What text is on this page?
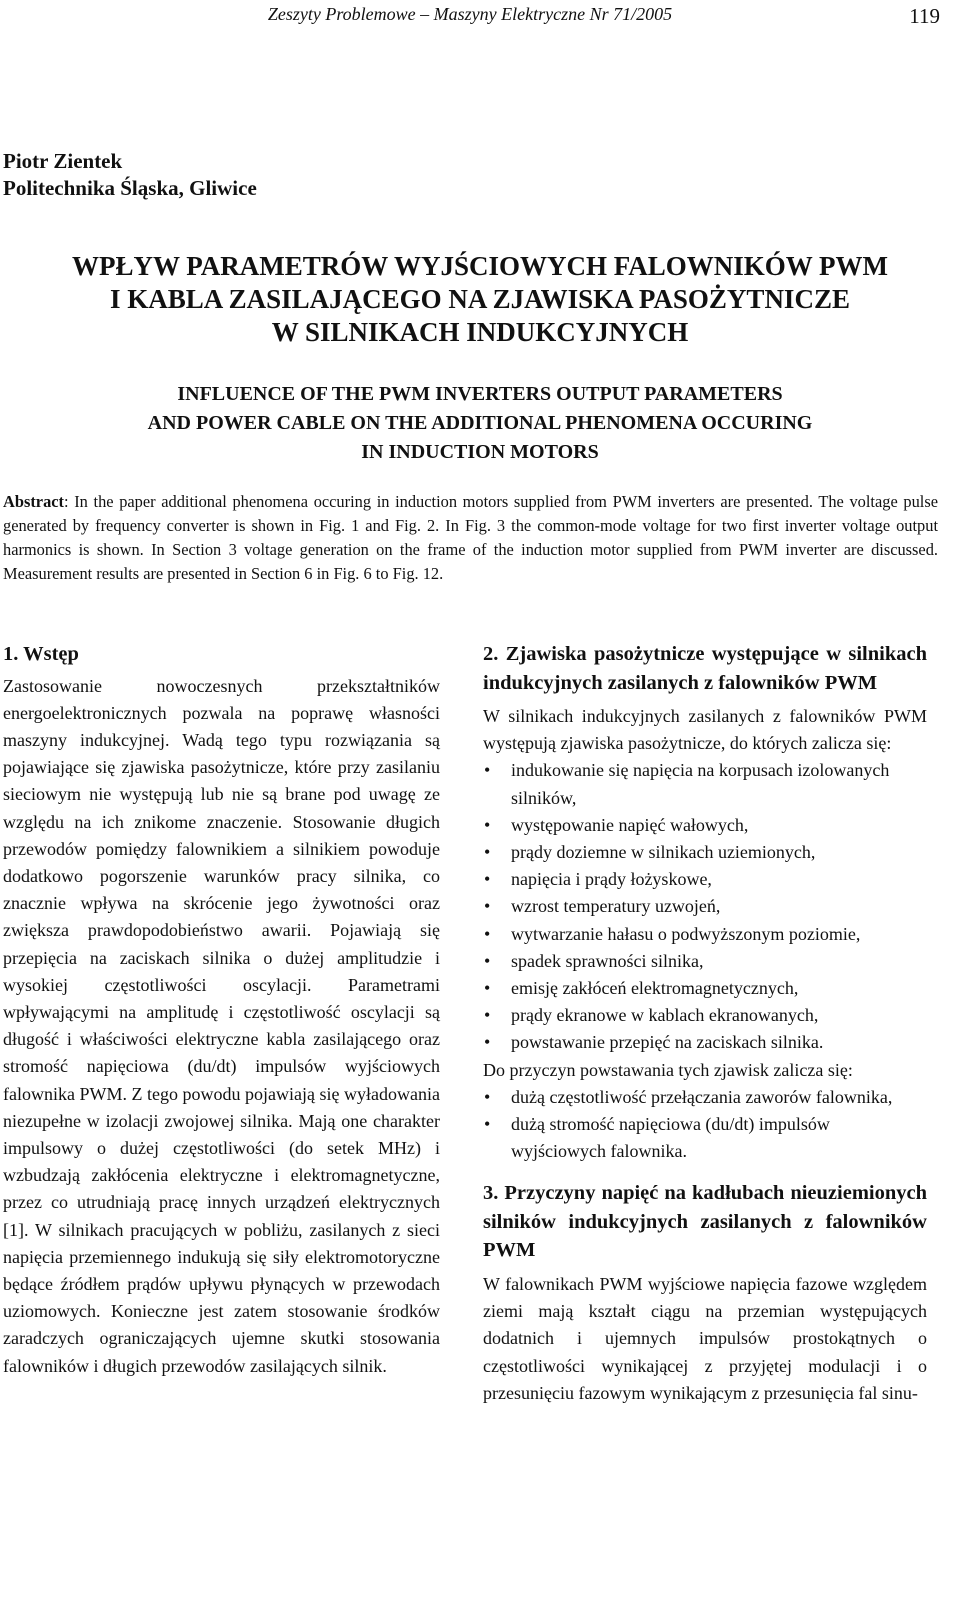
Zeszyty Problemowe – Maszyny Elektryczne Nr 71/2005	119
Piotr Zientek
Politechnika Śląska, Gliwice
WPŁYW PARAMETRÓW WYJŚCIOWYCH FALOWNIKÓW PWM
I KABLA ZASILAJĄCEGO NA ZJAWISKA PASOŻYTNICZE
W SILNIKACH INDUKCYJNYCH
INFLUENCE OF THE PWM INVERTERS OUTPUT PARAMETERS
AND POWER CABLE ON THE ADDITIONAL PHENOMENA OCCURING
IN INDUCTION MOTORS

Abstract: In the paper additional phenomena occuring in induction motors supplied from PWM inverters are presented. The voltage pulse generated by frequency converter is shown in Fig. 1 and Fig. 2. In Fig. 3 the common-mode voltage for two first inverter voltage output harmonics is shown. In Section 3 voltage generation on the frame of the induction motor supplied from PWM inverter are discussed. Measurement results are presented in Section 6 in Fig. 6 to Fig. 12.

1. Wstęp

Zastosowanie nowoczesnych przekształtników energoelektronicznych pozwala na poprawę własności maszyny indukcyjnej. Wadą tego typu rozwiązania są pojawiające się zjawiska pasożytnicze, które przy zasilaniu sieciowym nie występują lub nie są brane pod uwagę ze względu na ich znikome znaczenie. Stosowanie długich przewodów pomiędzy falownikiem a silnikiem powoduje dodatkowo pogorszenie warunków pracy silnika, co znacznie wpływa na skrócenie jego żywotności oraz zwiększa prawdopodobieństwo awarii. Pojawiają się przepięcia na zaciskach silnika o dużej amplitudzie i wysokiej częstotliwości oscylacji. Parametrami wpływającymi na amplitudę i częstotliwość oscylacji są długość i właściwości elektryczne kabla zasilającego oraz stromość napięciowa (du/dt) impulsów wyjściowych falownika PWM. Z tego powodu pojawiają się wyładowania niezupełne w izolacji zwojowej silnika. Mają one charakter impulsowy o dużej częstotliwości (do setek MHz) i wzbudzają zakłócenia elektryczne i elektromagnetyczne, przez co utrudniają pracę innych urządzeń elektrycznych [1]. W silnikach pracujących w pobliżu, zasilanych z sieci napięcia przemiennego indukują się siły elektromotoryczne będące źródłem prądów upływu płynących w przewodach uziomowych. Konieczne jest zatem stosowanie środków zaradczych ograniczających ujemne skutki stosowania falowników i długich przewodów zasilających silnik.

2. Zjawiska pasożytnicze występujące w silnikach indukcyjnych zasilanych z falowników PWM

W silnikach indukcyjnych zasilanych z falowników PWM występują zjawiska pasożytnicze, do których zalicza się:

• indukowanie się napięcia na korpusach izolowanych silników,
• występowanie napięć wałowych,
• prądy doziemne w silnikach uziemionych,
• napięcia i prądy łożyskowe,
• wzrost temperatury uzwojeń,
• wytwarzanie hałasu o podwyższonym poziomie,
• spadek sprawności silnika,
• emisję zakłóceń elektromagnetycznych,
• prądy ekranowe w kablach ekranowanych,
• powstawanie przepięć na zaciskach silnika.

Do przyczyn powstawania tych zjawisk zalicza się:

• dużą częstotliwość przełączania zaworów falownika,
• dużą stromość napięciowa (du/dt) impulsów wyjściowych falownika.
3. Przyczyny napięć na kadłubach nieuziemionych silników indukcyjnych zasilanych z falowników PWM

W falownikach PWM wyjściowe napięcia fazowe względem ziemi mają kształt ciągu na przemian występujących dodatnich i ujemnych impulsów prostokątnych o częstotliwości wynikającej z przyjętej modulacji i o przesunięciu fazowym wynikającym z przesunięcia fal sinu-
